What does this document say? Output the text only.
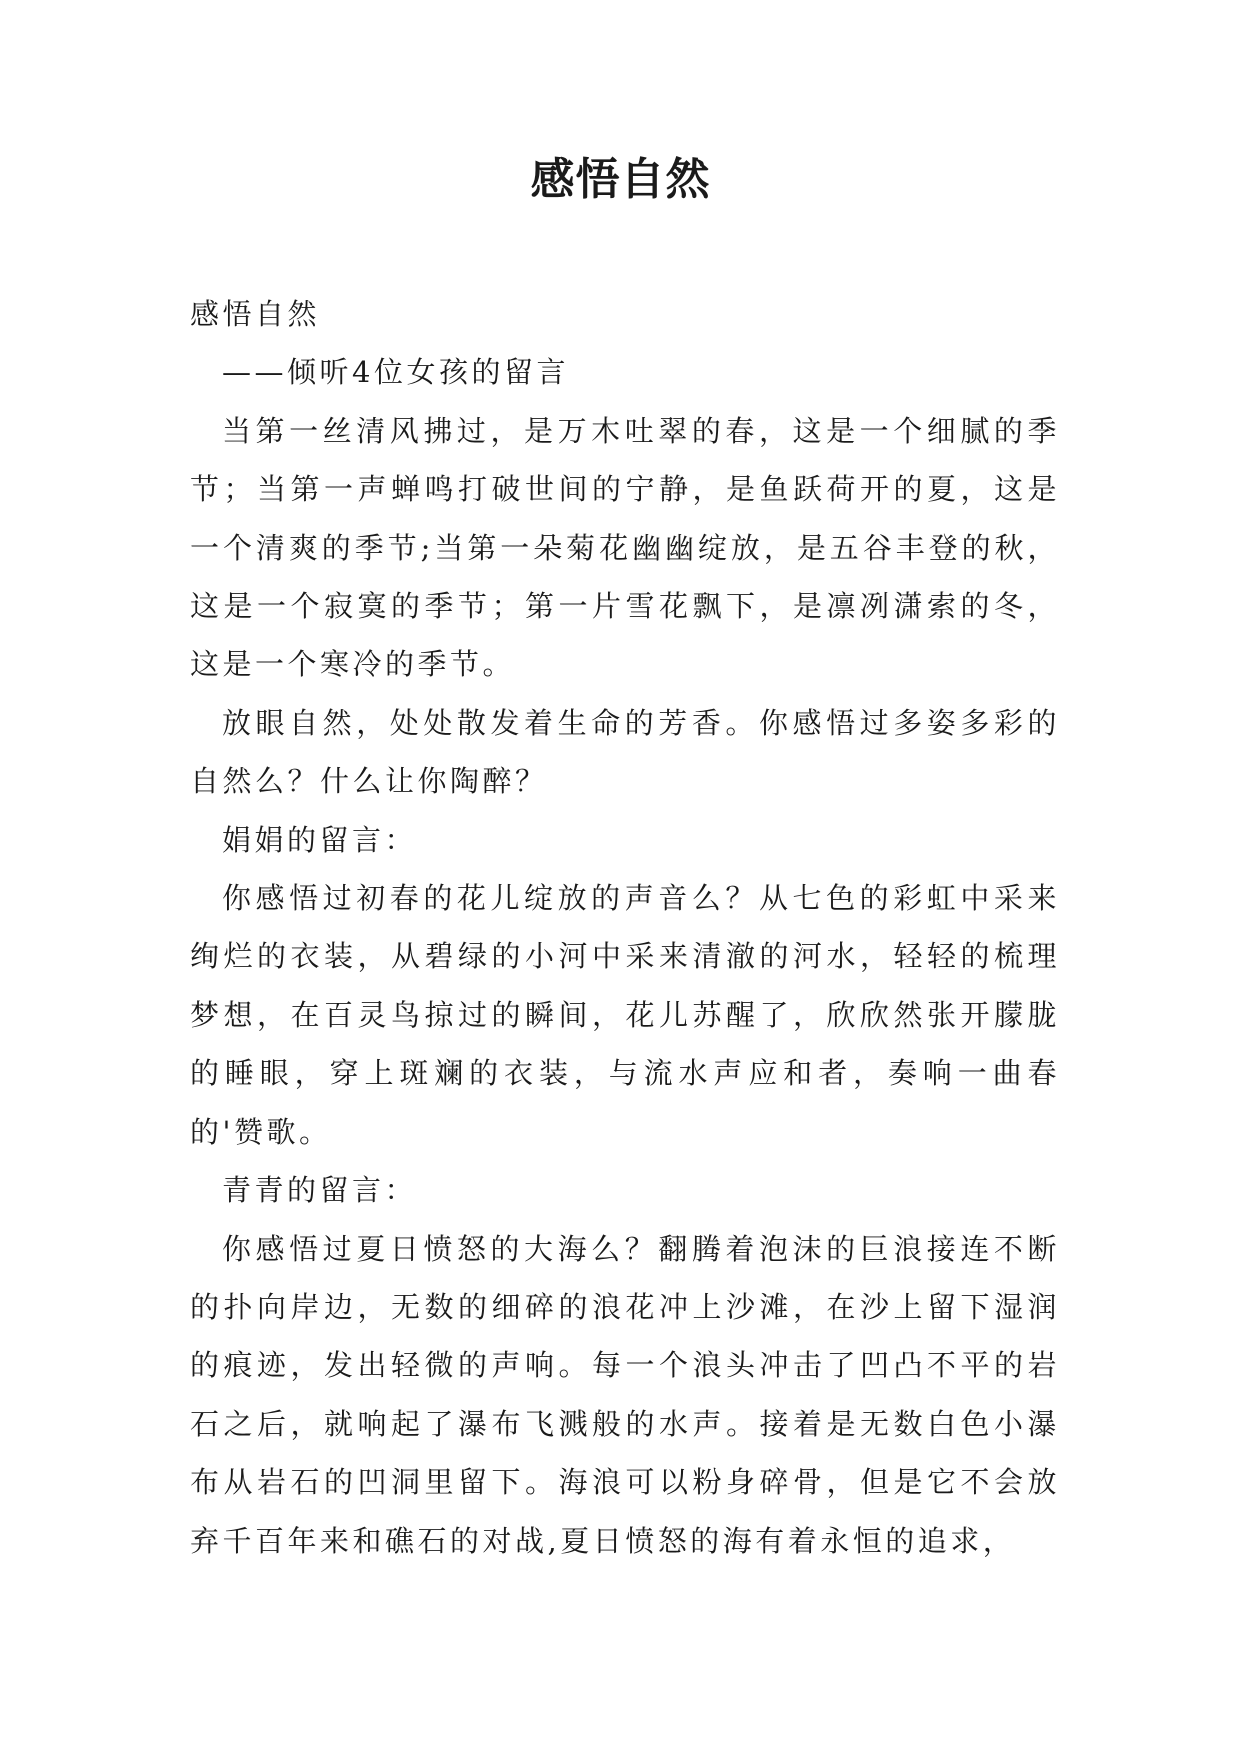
感悟自然

感悟自然

——倾听4位女孩的留言

当第一丝清风拂过，是万木吐翠的春，这是一个细腻的季节；当第一声蝉鸣打破世间的宁静，是鱼跃荷开的夏，这是一个清爽的季节;当第一朵菊花幽幽绽放，是五谷丰登的秋，这是一个寂寞的季节；第一片雪花飘下，是凛冽潇索的冬，这是一个寒冷的季节。

放眼自然，处处散发着生命的芳香。你感悟过多姿多彩的自然么？什么让你陶醉？

娟娟的留言：

你感悟过初春的花儿绽放的声音么？从七色的彩虹中采来绚烂的衣装，从碧绿的小河中采来清澈的河水，轻轻的梳理梦想，在百灵鸟掠过的瞬间，花儿苏醒了，欣欣然张开朦胧的睡眼，穿上斑斓的衣装，与流水声应和者，奏响一曲春的'赞歌。

青青的留言：

你感悟过夏日愤怒的大海么？翻腾着泡沫的巨浪接连不断的扑向岸边，无数的细碎的浪花冲上沙滩，在沙上留下湿润的痕迹，发出轻微的声响。每一个浪头冲击了凹凸不平的岩石之后，就响起了瀑布飞溅般的水声。接着是无数白色小瀑布从岩石的凹洞里留下。海浪可以粉身碎骨，但是它不会放弃千百年来和礁石的对战,夏日愤怒的海有着永恒的追求，
